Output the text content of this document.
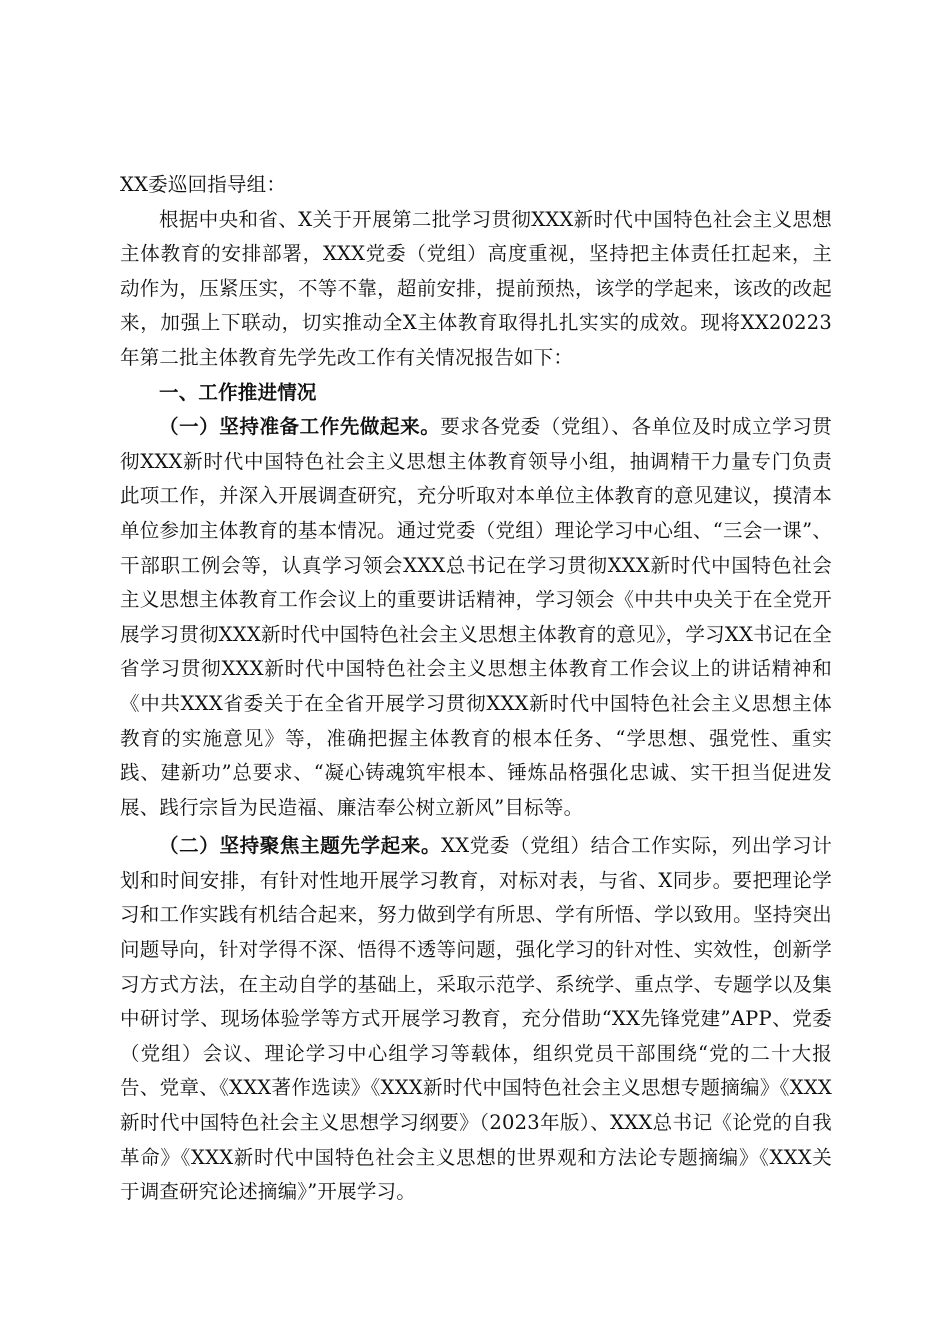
XX委巡回指导组：

根据中央和省、X关于开展第二批学习贯彻XXX新时代中国特色社会主义思想主体教育的安排部署，XXX党委（党组）高度重视，坚持把主体责任扛起来，主动作为，压紧压实，不等不靠，超前安排，提前预热，该学的学起来，该改的改起来，加强上下联动，切实推动全X主体教育取得扎扎实实的成效。现将XX20223年第二批主体教育先学先改工作有关情况报告如下：

一、工作推进情况

（一）坚持准备工作先做起来。要求各党委（党组）、各单位及时成立学习贯彻XXX新时代中国特色社会主义思想主体教育领导小组，抽调精干力量专门负责此项工作，并深入开展调查研究，充分听取对本单位主体教育的意见建议，摸清本单位参加主体教育的基本情况。通过党委（党组）理论学习中心组、“三会一课”、干部职工例会等，认真学习领会XXX总书记在学习贯彻XXX新时代中国特色社会主义思想主体教育工作会议上的重要讲话精神，学习领会《中共中央关于在全党开展学习贯彻XXX新时代中国特色社会主义思想主体教育的意见》，学习XX书记在全省学习贯彻XXX新时代中国特色社会主义思想主体教育工作会议上的讲话精神和《中共XXX省委关于在全省开展学习贯彻XXX新时代中国特色社会主义思想主体教育的实施意见》等，准确把握主体教育的根本任务、“学思想、强党性、重实践、建新功”总要求、“凝心铸魂筑牢根本、锤炼品格强化忠诚、实干担当促进发展、践行宗旨为民造福、廉洁奉公树立新风”目标等。

（二）坚持聚焦主题先学起来。XX党委（党组）结合工作实际，列出学习计划和时间安排，有针对性地开展学习教育，对标对表，与省、X同步。要把理论学习和工作实践有机结合起来，努力做到学有所思、学有所悟、学以致用。坚持突出问题导向，针对学得不深、悟得不透等问题，强化学习的针对性、实效性，创新学习方式方法，在主动自学的基础上，采取示范学、系统学、重点学、专题学以及集中研讨学、现场体验学等方式开展学习教育，充分借助“XX先锋党建”APP、党委（党组）会议、理论学习中心组学习等载体，组织党员干部围绕“党的二十大报告、党章、《XXX著作选读》《XXX新时代中国特色社会主义思想专题摘编》《XXX新时代中国特色社会主义思想学习纲要》（2023年版）、XXX总书记《论党的自我革命》《XXX新时代中国特色社会主义思想的世界观和方法论专题摘编》《XXX关于调查研究论述摘编》”开展学习。
